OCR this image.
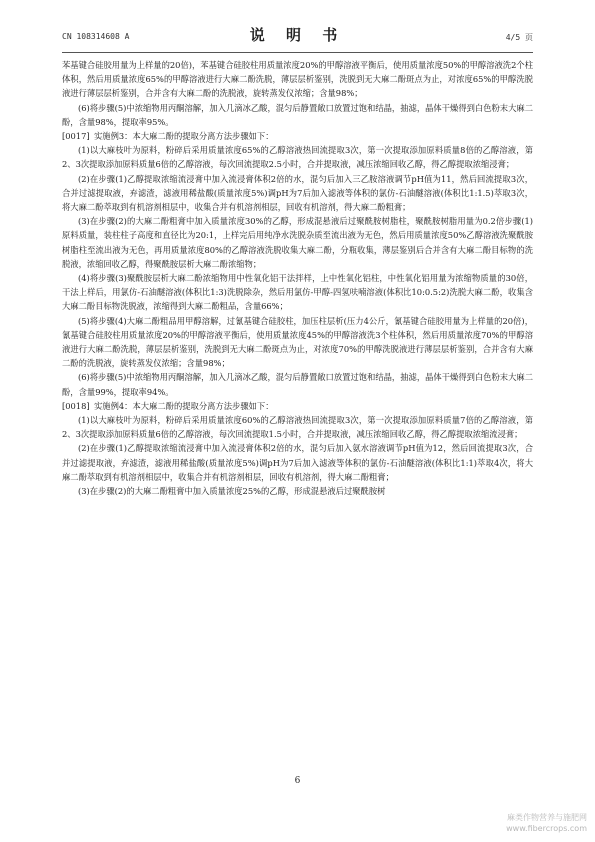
CN 108314608 A	说 明 书	4/5 页

苯基键合硅胶用量为上样量的20倍)，苯基键合硅胶柱用质量浓度20%的甲醇溶液平衡后，使用质量浓度50%的甲醇溶液洗2个柱体积，然后用质量浓度65%的甲醇溶液进行大麻二酚洗脱，薄层层析鉴别，洗脱到无大麻二酚斑点为止，对浓度65%的甲醇洗脱液进行薄层层析鉴别，合并含有大麻二酚的洗脱液，旋转蒸发仪浓缩；含量98%；

(6)将步骤(5)中浓缩物用丙酮溶解，加入几滴冰乙酸，混匀后静置敞口放置过饱和结晶，抽滤，晶体干燥得到白色粉末大麻二酚，含量98%，提取率95%。

[0017] 实施例3：本大麻二酚的提取分离方法步骤如下：

(1)以大麻枝叶为原料，粉碎后采用质量浓度65%的乙醇溶液热回流提取3次，第一次提取添加原料质量8倍的乙醇溶液，第2、3次提取添加原料质量6倍的乙醇溶液，每次回流提取2.5小时，合并提取液，减压浓缩回收乙醇，得乙醇提取浓缩浸膏；

(2)在步骤(1)乙醇提取浓缩流浸膏中加入流浸膏体积2倍的水，混匀后加入三乙胺溶液调节pH值为11，然后回流提取3次，合并过滤提取液，弃滤渣，滤液用稀盐酸(质量浓度5%)调pH为7后加入滤液等体积的氯仿-石油醚溶液(体积比1:1.5)萃取3次，将大麻二酚萃取到有机溶剂相层中，收集合并有机溶剂相层，回收有机溶剂，得大麻二酚粗膏；

(3)在步骤(2)的大麻二酚粗膏中加入质量浓度30%的乙醇，形成混悬液后过聚酰胺树脂柱，聚酰胺树脂用量为0.2倍步骤(1)原料质量，装柱柱子高度和直径比为20:1，上样完后用纯净水洗脱杂质至流出液为无色，然后用质量浓度50%乙醇溶液洗聚酰胺树脂柱至流出液为无色，再用质量浓度80%的乙醇溶液洗脱收集大麻二酚，分瓶收集，薄层鉴别后合并含有大麻二酚目标物的洗脱液，浓缩回收乙醇，得聚酰胺层析大麻二酚浓缩物；

(4)将步骤(3)聚酰胺层析大麻二酚浓缩物用中性氧化铝干法拌样，上中性氧化铝柱，中性氧化铝用量为浓缩物质量的30倍，干法上样后，用氯仿-石油醚溶液(体积比1:3)洗脱除杂，然后用氯仿-甲醇-四氢呋喃溶液(体积比10:0.5:2)洗脱大麻二酚，收集含大麻二酚目标物洗脱液，浓缩得到大麻二酚粗品，含量66%；

(5)将步骤(4)大麻二酚粗品用甲醇溶解，过氰基键合硅胶柱，加压柱层析(压力4公斤，氰基键合硅胶用量为上样量的20倍)，氰基键合硅胶柱用质量浓度20%的甲醇溶液平衡后，使用质量浓度45%的甲醇溶液洗3个柱体积，然后用质量浓度70%的甲醇溶液进行大麻二酚洗脱，薄层层析鉴别，洗脱到无大麻二酚斑点为止，对浓度70%的甲醇洗脱液进行薄层层析鉴别，合并含有大麻二酚的洗脱液，旋转蒸发仪浓缩；含量98%；

(6)将步骤(5)中浓缩物用丙酮溶解，加入几滴冰乙酸，混匀后静置敞口放置过饱和结晶，抽滤，晶体干燥得到白色粉末大麻二酚，含量99%，提取率94%。

[0018] 实施例4：本大麻二酚的提取分离方法步骤如下：

(1)以大麻枝叶为原料，粉碎后采用质量浓度60%的乙醇溶液热回流提取3次，第一次提取添加原料质量7倍的乙醇溶液，第2、3次提取添加原料质量6倍的乙醇溶液，每次回流提取1.5小时，合并提取液，减压浓缩回收乙醇，得乙醇提取浓缩流浸膏；

(2)在步骤(1)乙醇提取浓缩流浸膏中加入流浸膏体积2倍的水，混匀后加入氨水溶液调节pH值为12，然后回流提取3次，合并过滤提取液，弃滤渣，滤液用稀盐酸(质量浓度5%)调pH为7后加入滤液等体积的氯仿-石油醚溶液(体积比1:1)萃取4次，将大麻二酚萃取到有机溶剂相层中，收集合并有机溶剂相层，回收有机溶剂，得大麻二酚粗膏；

(3)在步骤(2)的大麻二酚粗膏中加入质量浓度25%的乙醇，形成混悬液后过聚酰胺树

6
麻类作物营养与施肥网
www.fibercrops.com
